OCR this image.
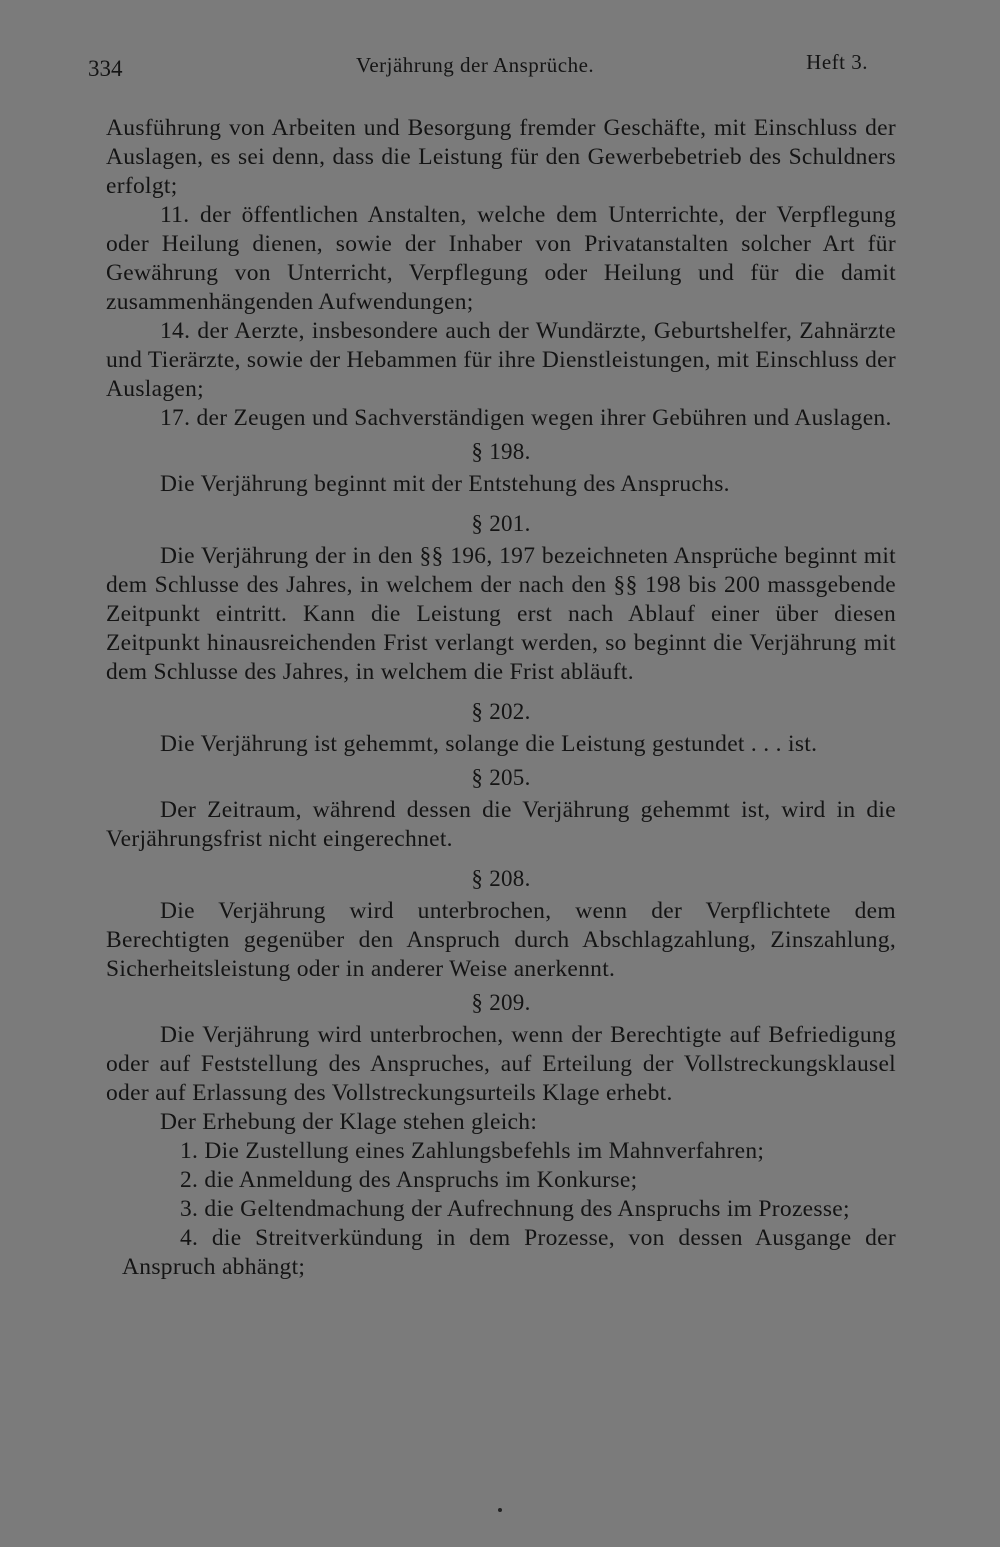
334	Verjährung der Ansprüche.	Heft 3.

Ausführung von Arbeiten und Besorgung fremder Geschäfte, mit Einschluss der Auslagen, es sei denn, dass die Leistung für den Gewerbebetrieb des Schuldners erfolgt;

11. der öffentlichen Anstalten, welche dem Unterrichte, der Verpflegung oder Heilung dienen, sowie der Inhaber von Privatanstalten solcher Art für Gewährung von Unterricht, Verpflegung oder Heilung und für die damit zusammenhängenden Aufwendungen;

14. der Aerzte, insbesondere auch der Wundärzte, Geburtshelfer, Zahnärzte und Tierärzte, sowie der Hebammen für ihre Dienstleistungen, mit Einschluss der Auslagen;

17. der Zeugen und Sachverständigen wegen ihrer Gebühren und Auslagen.

§ 198.

Die Verjährung beginnt mit der Entstehung des Anspruchs.

§ 201.

Die Verjährung der in den §§ 196, 197 bezeichneten Ansprüche beginnt mit dem Schlusse des Jahres, in welchem der nach den §§ 198 bis 200 massgebende Zeitpunkt eintritt. Kann die Leistung erst nach Ablauf einer über diesen Zeitpunkt hinausreichenden Frist verlangt werden, so beginnt die Verjährung mit dem Schlusse des Jahres, in welchem die Frist abläuft.

§ 202.

Die Verjährung ist gehemmt, solange die Leistung gestundet . . . ist.

§ 205.

Der Zeitraum, während dessen die Verjährung gehemmt ist, wird in die Verjährungsfrist nicht eingerechnet.

§ 208.

Die Verjährung wird unterbrochen, wenn der Verpflichtete dem Berechtigten gegenüber den Anspruch durch Abschlagzahlung, Zinszahlung, Sicherheitsleistung oder in anderer Weise anerkennt.

§ 209.

Die Verjährung wird unterbrochen, wenn der Berechtigte auf Befriedigung oder auf Feststellung des Anspruches, auf Erteilung der Vollstreckungsklausel oder auf Erlassung des Vollstreckungsurteils Klage erhebt.

Der Erhebung der Klage stehen gleich:

1. Die Zustellung eines Zahlungsbefehls im Mahnverfahren;

2. die Anmeldung des Anspruchs im Konkurse;

3. die Geltendmachung der Aufrechnung des Anspruchs im Prozesse;

4. die Streitverkündung in dem Prozesse, von dessen Ausgange der Anspruch abhängt;
